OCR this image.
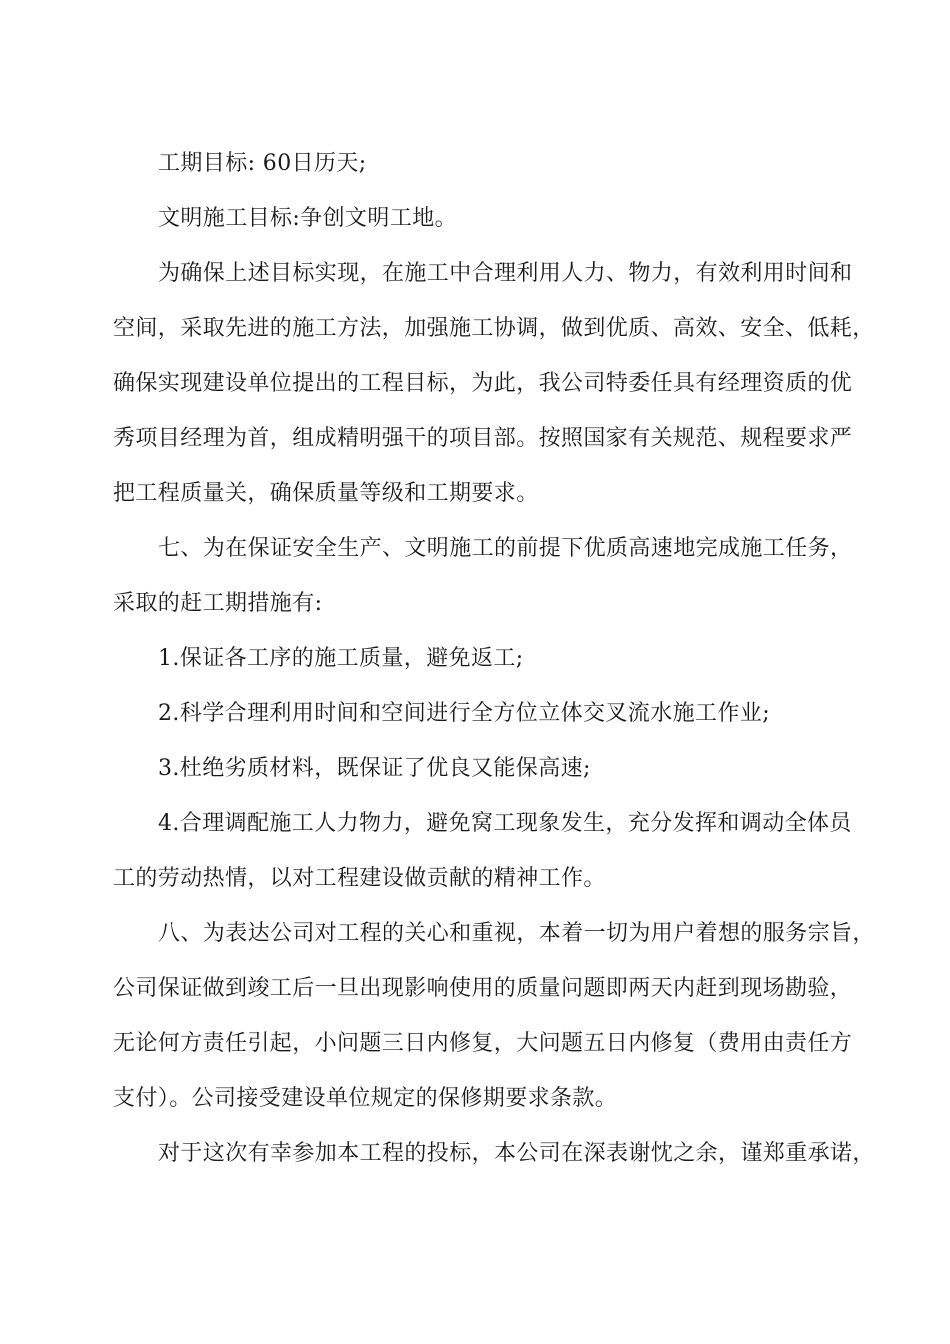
工期目标: 60日历天;
文明施工目标:争创文明工地。
为确保上述目标实现，在施工中合理利用人力、物力，有效利用时间和
空间，采取先进的施工方法，加强施工协调，做到优质、高效、安全、低耗，
确保实现建设单位提出的工程目标，为此，我公司特委任具有经理资质的优
秀项目经理为首，组成精明强干的项目部。按照国家有关规范、规程要求严
把工程质量关，确保质量等级和工期要求。
七、为在保证安全生产、文明施工的前提下优质高速地完成施工任务，
采取的赶工期措施有:
1.保证各工序的施工质量，避免返工;
2.科学合理利用时间和空间进行全方位立体交叉流水施工作业;
3.杜绝劣质材料，既保证了优良又能保高速;
4.合理调配施工人力物力，避免窝工现象发生，充分发挥和调动全体员
工的劳动热情，以对工程建设做贡献的精神工作。
八、为表达公司对工程的关心和重视，本着一切为用户着想的服务宗旨，
公司保证做到竣工后一旦出现影响使用的质量问题即两天内赶到现场勘验，
无论何方责任引起，小问题三日内修复，大问题五日内修复（费用由责任方
支付）。公司接受建设单位规定的保修期要求条款。
对于这次有幸参加本工程的投标，本公司在深表谢忱之余，谨郑重承诺，
